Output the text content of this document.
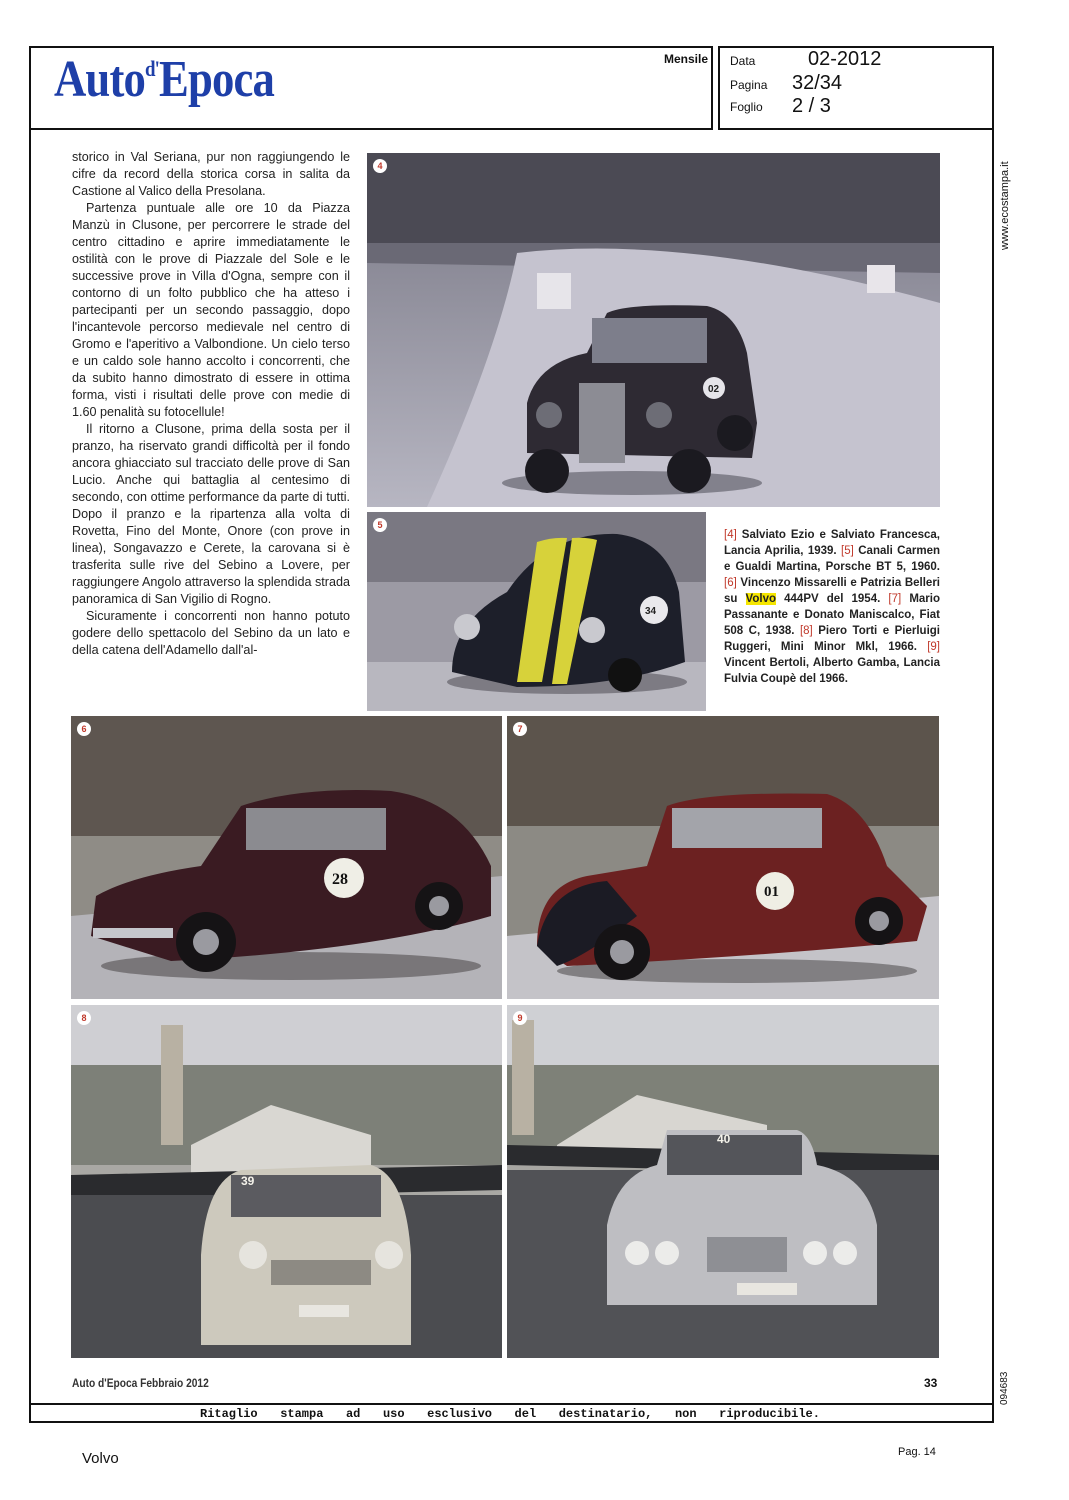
Auto$^{d'}$Epoca	Mensile Data	02-2012
Pagina 32/34
Foglio 2 / 3
www.ecostampa.it
094683

storico in Val Seriana, pur non raggiungendo le cifre da record della storica corsa in salita da Castione al Valico della Presolana.

Partenza puntuale alle ore 10 da Piazza Manzù in Clusone, per percorrere le strade del centro cittadino e aprire immediatamente le ostilità con le prove di Piazzale del Sole e le successive prove in Villa d'Ogna, sempre con il contorno di un folto pubblico che ha atteso i partecipanti per un secondo passaggio, dopo l'incantevole percorso medievale nel centro di Gromo e l'aperitivo a Valbondione. Un cielo terso e un caldo sole hanno accolto i concorrenti, che da subito hanno dimostrato di essere in ottima forma, visti i risultati delle prove con medie di 1.60 penalità su fotocellule!

Il ritorno a Clusone, prima della sosta per il pranzo, ha riservato grandi difficoltà per il fondo ancora ghiacciato sul tracciato delle prove di San Lucio. Anche qui battaglia al centesimo di secondo, con ottime performance da parte di tutti. Dopo il pranzo e la ripartenza alla volta di Rovetta, Fino del Monte, Onore (con prove in linea), Songavazzo e Cerete, la carovana si è trasferita sulle rive del Sebino a Lovere, per raggiungere Angolo attraverso la splendida strada panoramica di San Vigilio di Rogno.

Sicuramente i concorrenti non hanno potuto godere dello spettacolo del Sebino da un lato e della catena dell'Adamello dall'al-

02
4
34
5
[4] Salviato Ezio e Salviato Francesca, Lancia Aprilia, 1939. [5] Canali Carmen e Gualdi Martina, Porsche BT 5, 1960. [6] Vincenzo Missarelli e Patrizia Belleri su Volvo 444PV del 1954. [7] Mario Passanante e Donato Maniscalco, Fiat 508 C, 1938. [8] Piero Torti e Pierluigi Ruggeri, Mini Minor Mkl, 1966. [9] Vincent Bertoli, Alberto Gamba, Lancia Fulvia Coupè del 1966.
28
6
01
7
39
8
40
9
Auto d'Epoca Febbraio 2012	33
Ritaglio stampa ad uso esclusivo del destinatario, non riproducibile.
Volvo	Pag. 14
